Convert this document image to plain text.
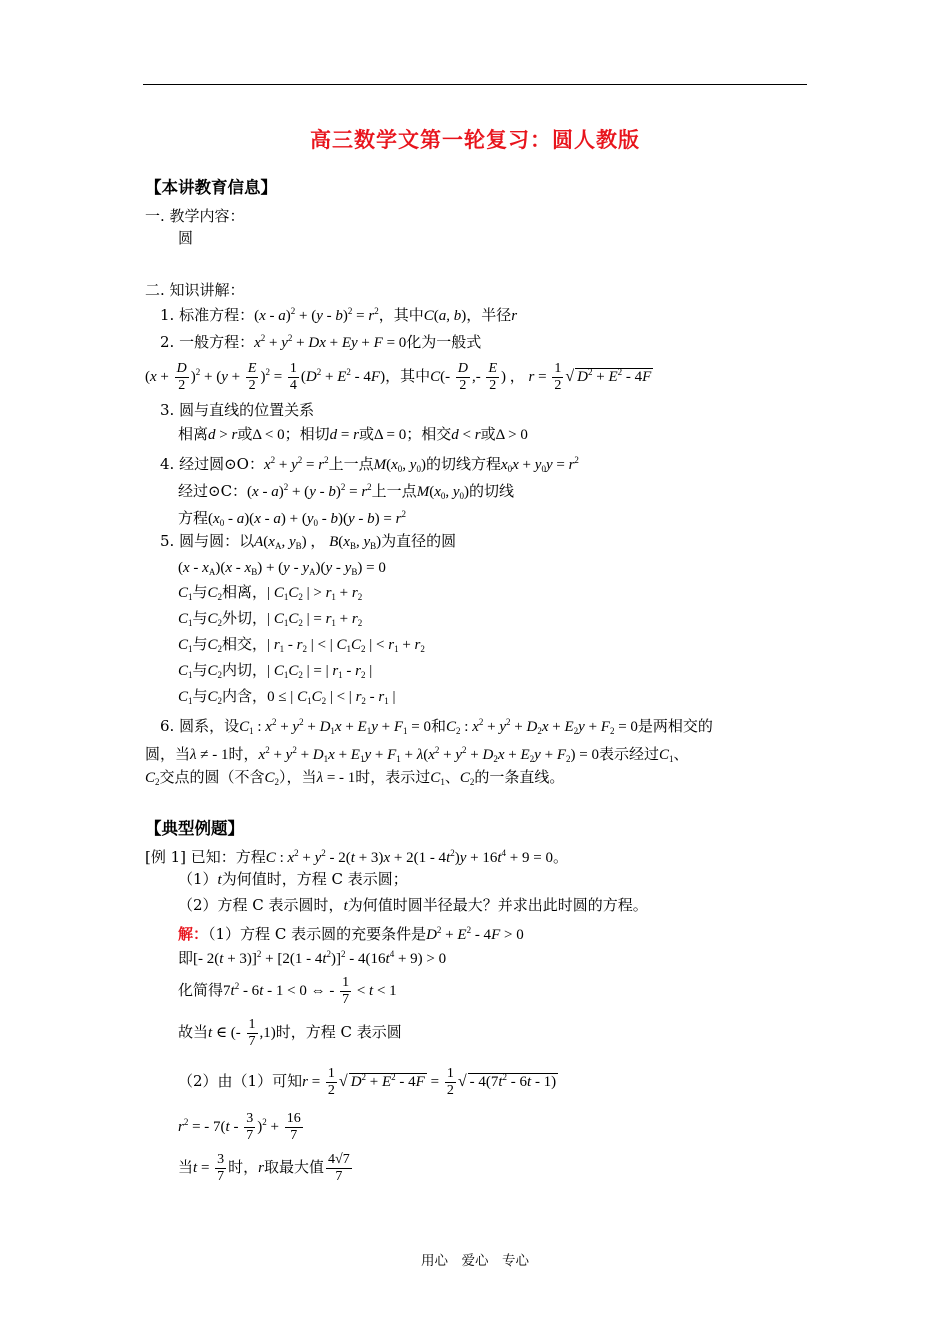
高三数学文第一轮复习：圆人教版
【本讲教育信息】
一. 教学内容：
圆
二. 知识讲解：
1. 标准方程：$(x - a)^2 + (y - b)^2 = r^2$，其中C(a, b)，半径r
2. 一般方程：$x^2 + y^2 + Dx + Ey + F = 0$化为一般式
$(x + \frac{D}{2} )^2 + (y + \frac{E}{2} )^2 = \frac{1}{4} (D^2 + E^2 - 4F)$，其中$C(- \frac{D}{2}$ ,- $\frac{E}{2}$ ) ， $r = \frac{1}{2}$ √ $D^2 + E^2 - 4F$
3. 圆与直线的位置关系
相离d > r或Δ < 0；相切d = r或Δ = 0；相交d < r或Δ > 0
4. 经过圆⊙O：$x^2 + y^2 = r^2$上一点$M(x_0$, $y_0$)的切线方程$x_0x + y_0y = r^2$
经过⊙C：$(x - a)^2 + (y - b)^2 = r^2$上一点$M(x_0$, $y_0$)的切线
方程$(x_0 - a)(x - a) + (y_0 - b)(y - b) = r^2$
5. 圆与圆：以$A(x_A$, $y_B$) ， $B(x_B$, $y_B$)为直径的圆
$(x - x_A)(x - x_B) + (y - y_A)(y - y_B) = 0$
$C_1$与$C_2$相离，| $C_1C_2$ | > $r_1 + r_2$
$C_1$与$C_2$外切，| $C_1C_2$ | = $r_1 + r_2$
$C_1$与$C_2$相交，| $r_1 - r_2$ | < | $C_1C_2$ | < $r_1 + r_2$
$C_1$与$C_2$内切，| $C_1C_2$ | = | $r_1 - r_2$ |
$C_1$与$C_2$内含，0 ≤ | $C_1C_2$ | < | $r_2 - r_1$ |
6. 圆系，设$C_1$ : $x^2 + y^2 + D_1x + E_1y + F_1 = 0$和$C_2$ : $x^2 + y^2 + D_2x + E_2y + F_2 = 0$是两相交的
圆，当λ ≠ - 1时，$x^2 + y^2 + D_1x + E_1y + F_1 + \lambda(x^2 + y^2 + D_2x + E_2y + F_2) = 0$表示经过$C_1$、
$C_2$交点的圆（不含$C_2$），当λ = - 1时，表示过$C_1$、$C_2$的一条直线。
【典型例题】
[例 1] 已知：方程C : $x^2 + y^2 - 2(t + 3)x + 2(1 - 4t^2)y + 16t^4 + 9 = 0$。
（1）t为何值时，方程 C 表示圆；
（2）方程 C 表示圆时，t为何值时圆半径最大？并求出此时圆的方程。
解：（1）方程 C 表示圆的充要条件是$D^2 + E^2 - 4F > 0$
即[- $2(t + 3)]^2 + [2(1 - 4t^2)]^2 - 4(16t^4 + 9) > 0$
化简得$7t^2 - 6t - 1 < 0$ ⇔ - $\frac{1}{7} < t < 1$
故当t ∈ (- $\frac{1}{7} ,1$)时，方程 C 表示圆
（2）由（1）可知$r = \frac{1}{2}$ √ $D^2 + E^2 - 4F = \frac{1}{2}$ √ - $4(7t^2 - 6t - 1)$
$r^2$ = - $7(t - \frac{3}{7} )^2 + \frac{16}{7}$
当$t = \frac{3}{7}$ 时，r取最大值 $\frac{4√7}{7}$
用心　爱心　专心
